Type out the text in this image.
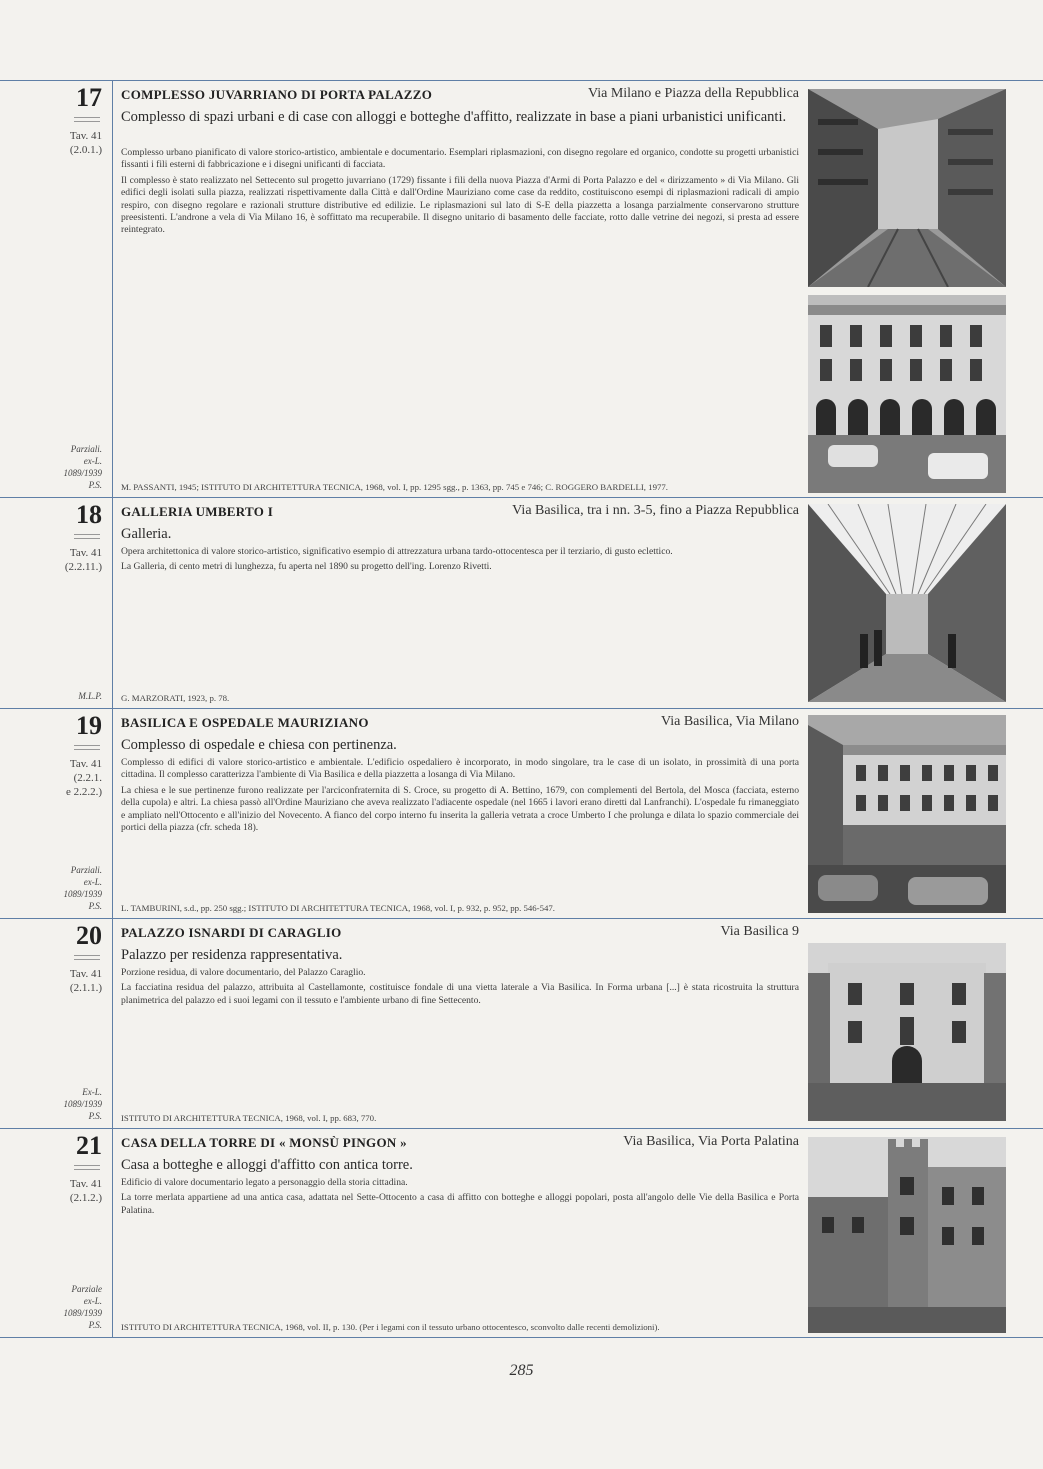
17
Tav. 41
(2.0.1.)
Parziali.
ex-L.
1089/1939
P.S.
COMPLESSO JUVARRIANO DI PORTA PALAZZO	Via Milano e Piazza della Repubblica
Complesso di spazi urbani e di case con alloggi e botteghe d'affitto, realizzate in base a piani urbanistici unificanti.

Complesso urbano pianificato di valore storico-artistico, ambientale e documentario. Esemplari riplasmazioni, con disegno regolare ed organico, condotte su progetti urbanistici fissanti i fili esterni di fabbricazione e i disegni unificanti di facciata.

Il complesso è stato realizzato nel Settecento sul progetto juvarriano (1729) fissante i fili della nuova Piazza d'Armi di Porta Palazzo e del « dirizzamento » di Via Milano. Gli edifici degli isolati sulla piazza, realizzati rispettivamente dalla Città e dall'Ordine Mauriziano come case da reddito, costituiscono esempi di riplasmazioni radicali di ampio respiro, con disegno regolare e razionali strutture distributive ed edilizie. Le riplasmazioni sul lato di S-E della piazzetta a losanga parzialmente conservarono strutture preesistenti. L'androne a vela di Via Milano 16, è soffittato ma recuperabile. Il disegno unitario di basamento delle facciate, rotto dalle vetrine dei negozi, si presta ad essere reintegrato.

M. PASSANTI, 1945; ISTITUTO DI ARCHITETTURA TECNICA, 1968, vol. I, pp. 1295 sgg., p. 1363, pp. 745 e 746; C. ROGGERO BARDELLI, 1977.
18
Tav. 41
(2.2.11.)
M.L.P.
GALLERIA UMBERTO I	Via Basilica, tra i nn. 3-5, fino a Piazza Repubblica
Galleria.

Opera architettonica di valore storico-artistico, significativo esempio di attrezzatura urbana tardo-ottocentesca per il terziario, di gusto eclettico.

La Galleria, di cento metri di lunghezza, fu aperta nel 1890 su progetto dell'ing. Lorenzo Rivetti.

G. MARZORATI, 1923, p. 78.
19
Tav. 41
(2.2.1.
e 2.2.2.)
Parziali.
ex-L.
1089/1939
P.S.
BASILICA E OSPEDALE MAURIZIANO	Via Basilica, Via Milano
Complesso di ospedale e chiesa con pertinenza.

Complesso di edifici di valore storico-artistico e ambientale. L'edificio ospedaliero è incorporato, in modo singolare, tra le case di un isolato, in prossimità di una porta cittadina. Il complesso caratterizza l'ambiente di Via Basilica e della piazzetta a losanga di Via Milano.

La chiesa e le sue pertinenze furono realizzate per l'arciconfraternita di S. Croce, su progetto di A. Bettino, 1679, con complementi del Bertola, del Mosca (facciata, esterno della cupola) e altri. La chiesa passò all'Ordine Mauriziano che aveva realizzato l'adiacente ospedale (nel 1665 i lavori erano diretti dal Lanfranchi). L'ospedale fu rimaneggiato e ampliato nell'Ottocento e all'inizio del Novecento. A fianco del corpo interno fu inserita la galleria vetrata a croce Umberto I che prolunga e dilata lo spazio commerciale dei portici della piazza (cfr. scheda 18).

L. TAMBURINI, s.d., pp. 250 sgg.; ISTITUTO DI ARCHITETTURA TECNICA, 1968, vol. I, p. 932, p. 952, pp. 546-547.
20
Tav. 41
(2.1.1.)
Ex-L.
1089/1939
P.S.
PALAZZO ISNARDI DI CARAGLIO	Via Basilica 9
Palazzo per residenza rappresentativa.

Porzione residua, di valore documentario, del Palazzo Caraglio.

La facciatina residua del palazzo, attribuita al Castellamonte, costituisce fondale di una vietta laterale a Via Basilica. In Forma urbana [...] è stata ricostruita la struttura planimetrica del palazzo ed i suoi legami con il tessuto e l'ambiente urbano di fine Settecento.

ISTITUTO DI ARCHITETTURA TECNICA, 1968, vol. I, pp. 683, 770.
21
Tav. 41
(2.1.2.)
Parziale
ex-L.
1089/1939
P.S.
CASA DELLA TORRE DI « MONSÙ PINGON »	Via Basilica, Via Porta Palatina
Casa a botteghe e alloggi d'affitto con antica torre.

Edificio di valore documentario legato a personaggio della storia cittadina.

La torre merlata appartiene ad una antica casa, adattata nel Sette-Ottocento a casa di affitto con botteghe e alloggi popolari, posta all'angolo delle Vie della Basilica e Porta Palatina.

ISTITUTO DI ARCHITETTURA TECNICA, 1968, vol. II, p. 130. (Per i legami con il tessuto urbano ottocentesco, sconvolto dalle recenti demolizioni).
285
